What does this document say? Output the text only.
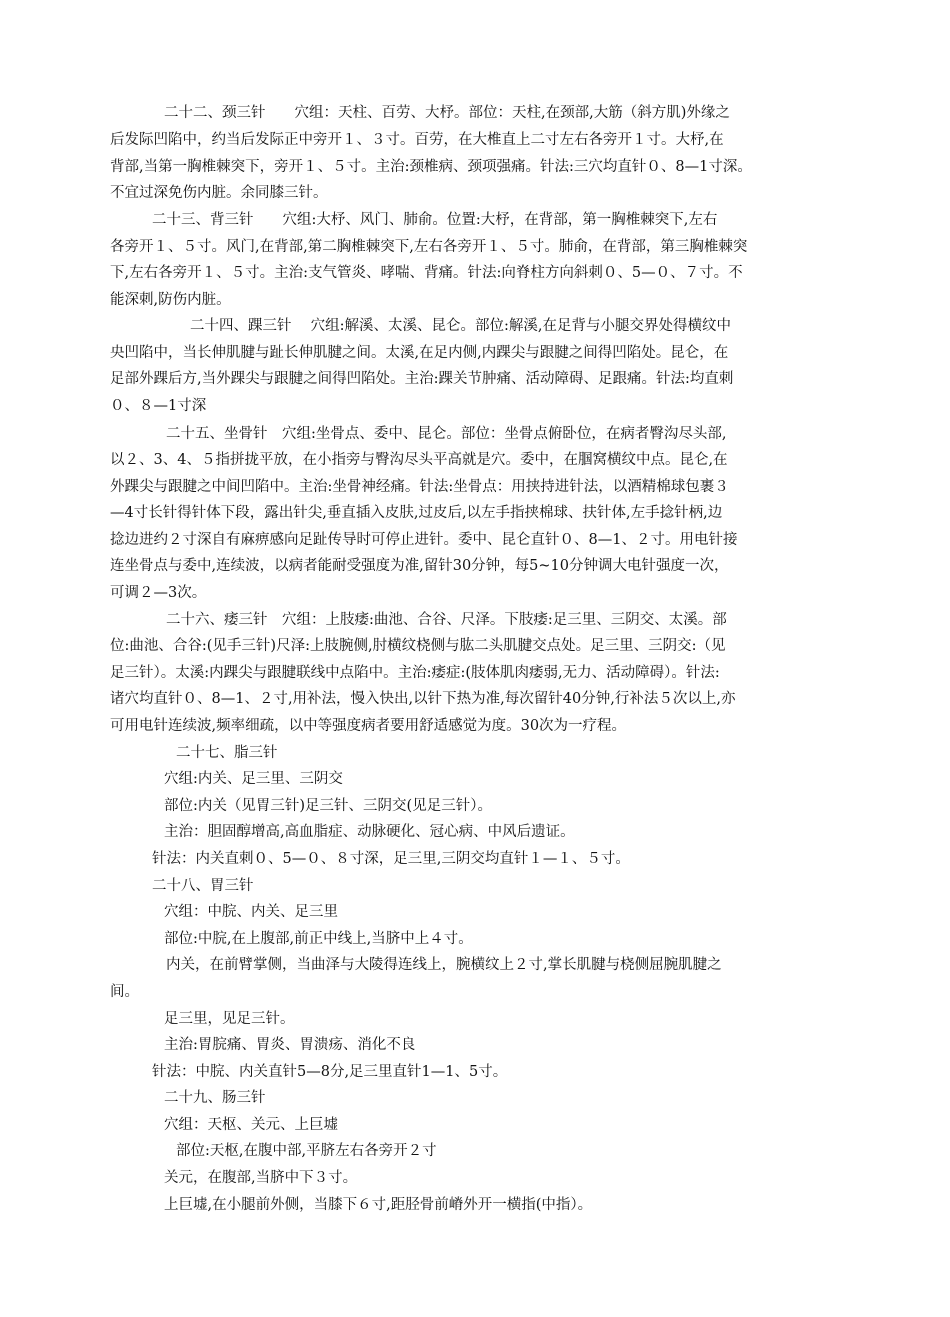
二十二、颈三针　　穴组：天柱、百劳、大杼。部位：天柱,在颈部,大筋（斜方肌)外缘之
后发际凹陷中，约当后发际正中旁开１、３寸。百劳，在大椎直上二寸左右各旁开１寸。大杼,在
背部,当第一胸椎棘突下，旁开１、５寸。主治:颈椎病、颈项强痛。针法:三穴均直针０、8—1寸深。
不宜过深免伤内脏。余同膝三针。
二十三、背三针　　穴组:大杼、风门、肺俞。位置:大杼，在背部，第一胸椎棘突下,左右
各旁开１、５寸。风门,在背部,第二胸椎棘突下,左右各旁开１、５寸。肺俞，在背部，第三胸椎棘突
下,左右各旁开１、５寸。主治:支气管炎、哮喘、背痛。针法:向脊柱方向斜刺０、5—０、７寸。不
能深刺,防伤内脏。
二十四、踝三针　 穴组:解溪、太溪、昆仑。部位:解溪,在足背与小腿交界处得横纹中
央凹陷中，当长伸肌腱与趾长伸肌腱之间。太溪,在足内侧,内踝尖与跟腱之间得凹陷处。昆仑，在
足部外踝后方,当外踝尖与跟腱之间得凹陷处。主治:踝关节肿痛、活动障碍、足跟痛。针法:均直刺
０、８—1寸深
二十五、坐骨针　穴组:坐骨点、委中、昆仑。部位：坐骨点俯卧位，在病者臀沟尽头部,
以２、3、4、５指拼拢平放，在小指旁与臀沟尽头平高就是穴。委中，在腘窝横纹中点。昆仑,在
外踝尖与跟腱之中间凹陷中。主治:坐骨神经痛。针法:坐骨点：用挟持进针法，以酒精棉球包裹３
—4寸长针得针体下段，露出针尖,垂直插入皮肤,过皮后,以左手指挟棉球、扶针体,左手捻针柄,边
捻边进约２寸深自有麻痹感向足趾传导时可停止进针。委中、昆仑直针０、8—1、２寸。用电针接
连坐骨点与委中,连续波，以病者能耐受强度为准,留针30分钟，每5~10分钟调大电针强度一次，
可调２—3次。
二十六、痿三针　穴组：上肢痿:曲池、合谷、尺泽。下肢痿:足三里、三阴交、太溪。部
位:曲池、合谷:(见手三针)尺泽:上肢腕侧,肘横纹桡侧与肱二头肌腱交点处。足三里、三阴交:（见
足三针）。太溪:内踝尖与跟腱联线中点陷中。主治:痿症:(肢体肌肉痿弱,无力、活动障碍）。针法:
诸穴均直针０、8—1、２寸,用补法，慢入快出,以针下热为准,每次留针40分钟,行补法５次以上,亦
可用电针连续波,频率细疏，以中等强度病者要用舒适感觉为度。30次为一疗程。
二十七、脂三针
穴组:内关、足三里、三阴交
部位:内关（见胃三针)足三针、三阴交(见足三针）。
主治：胆固醇增高,高血脂症、动脉硬化、冠心病、中风后遗证。
针法：内关直刺０、5—０、８寸深，足三里,三阴交均直针１—１、５寸。
二十八、胃三针
穴组：中脘、内关、足三里
部位:中脘,在上腹部,前正中线上,当脐中上４寸。
内关，在前臂掌侧，当曲泽与大陵得连线上，腕横纹上２寸,掌长肌腱与桡侧屈腕肌腱之
间。
足三里，见足三针。
主治:胃脘痛、胃炎、胃溃疡、消化不良
针法：中脘、内关直针5—8分,足三里直针1—1、5寸。
二十九、肠三针
穴组：天枢、关元、上巨墟
部位:天枢,在腹中部,平脐左右各旁开２寸
关元，在腹部,当脐中下３寸。
上巨墟,在小腿前外侧，当膝下６寸,距胫骨前嵴外开一横指(中指）。
